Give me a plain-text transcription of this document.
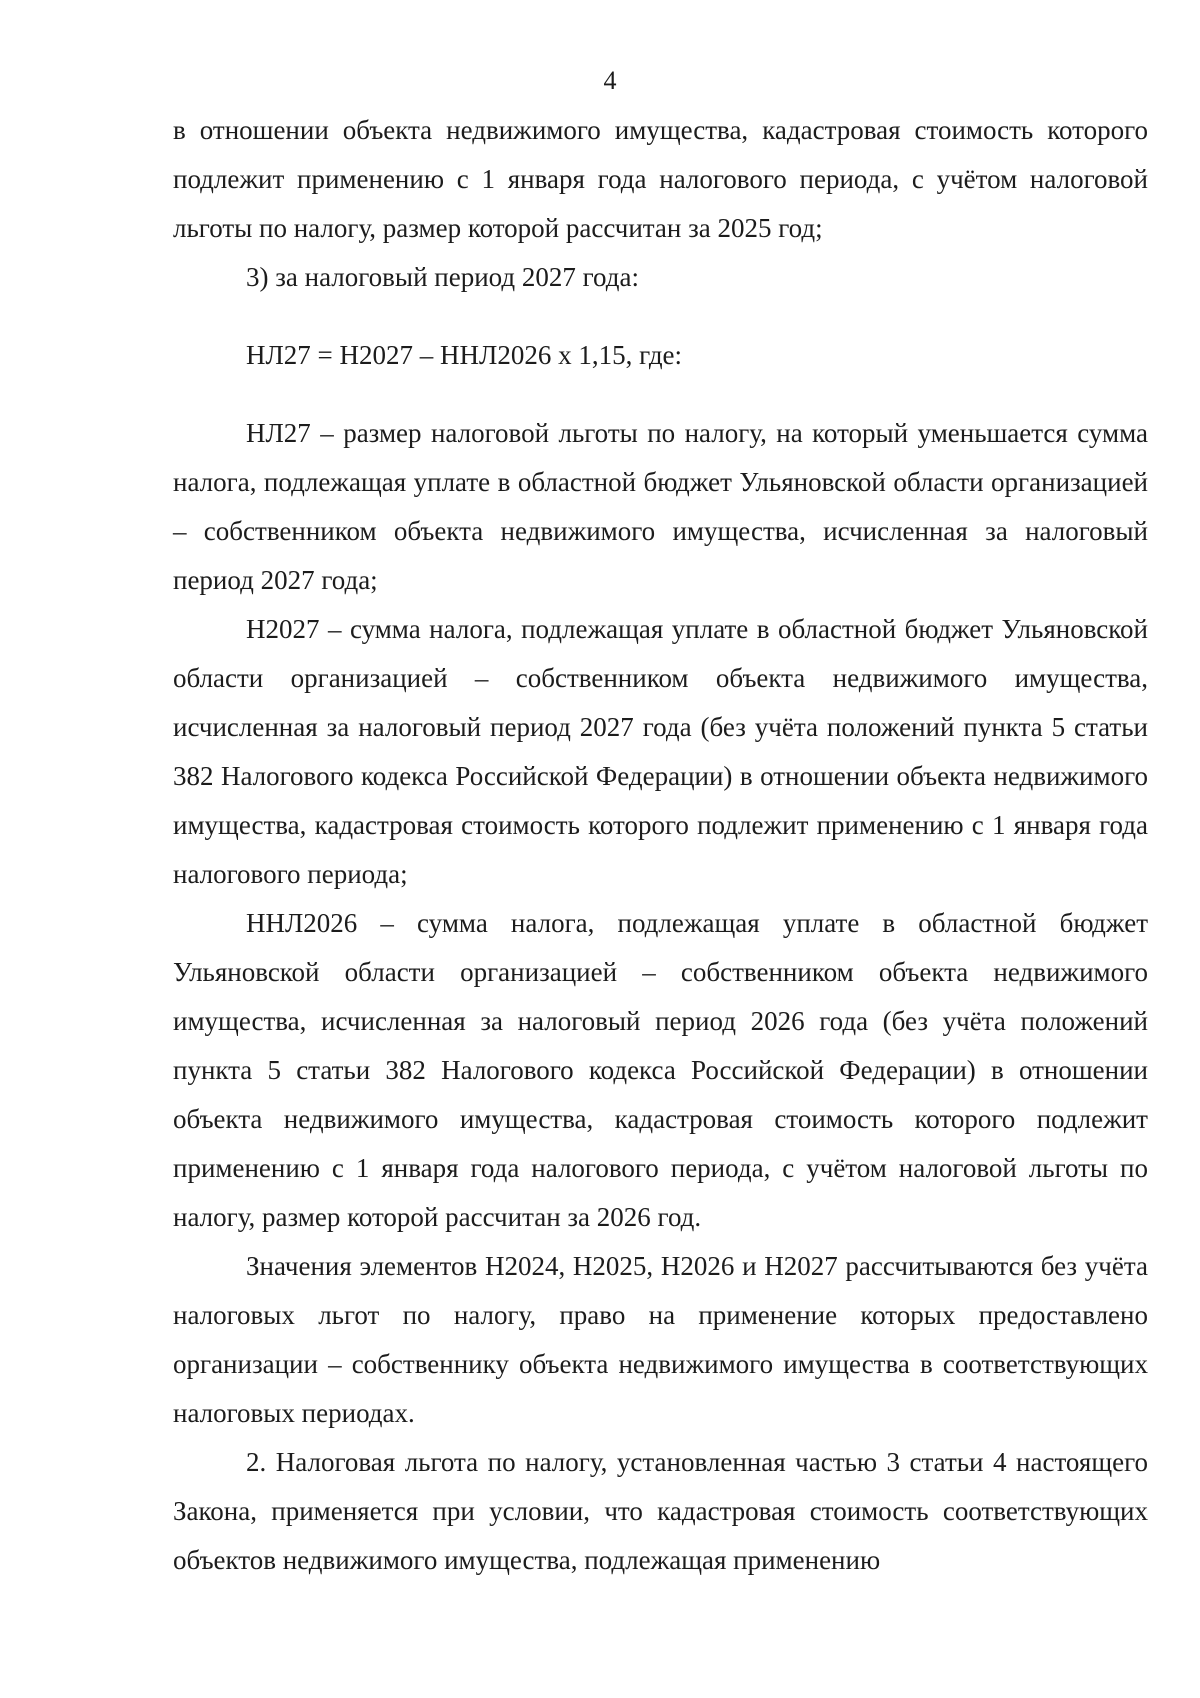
4

в отношении объекта недвижимого имущества, кадастровая стоимость которого подлежит применению с 1 января года налогового периода, с учётом налоговой льготы по налогу, размер которой рассчитан за 2025 год;

3) за налоговый период 2027 года:

НЛ27 = Н2027 – ННЛ2026 х 1,15, где:

НЛ27 – размер налоговой льготы по налогу, на который уменьшается сумма налога, подлежащая уплате в областной бюджет Ульяновской области организацией – собственником объекта недвижимого имущества, исчисленная за налоговый период 2027 года;

Н2027 – сумма налога, подлежащая уплате в областной бюджет Ульяновской области организацией – собственником объекта недвижимого имущества, исчисленная за налоговый период 2027 года (без учёта положений пункта 5 статьи 382 Налогового кодекса Российской Федерации) в отношении объекта недвижимого имущества, кадастровая стоимость которого подлежит применению с 1 января года налогового периода;

ННЛ2026 – сумма налога, подлежащая уплате в областной бюджет Ульяновской области организацией – собственником объекта недвижимого имущества, исчисленная за налоговый период 2026 года (без учёта положений пункта 5 статьи 382 Налогового кодекса Российской Федерации) в отношении объекта недвижимого имущества, кадастровая стоимость которого подлежит применению с 1 января года налогового периода, с учётом налоговой льготы по налогу, размер которой рассчитан за 2026 год.

Значения элементов Н2024, Н2025, Н2026 и Н2027 рассчитываются без учёта налоговых льгот по налогу, право на применение которых предоставлено организации – собственнику объекта недвижимого имущества в соответствующих налоговых периодах.

2. Налоговая льгота по налогу, установленная частью 3 статьи 4 настоящего Закона, применяется при условии, что кадастровая стоимость соответствующих объектов недвижимого имущества, подлежащая применению
